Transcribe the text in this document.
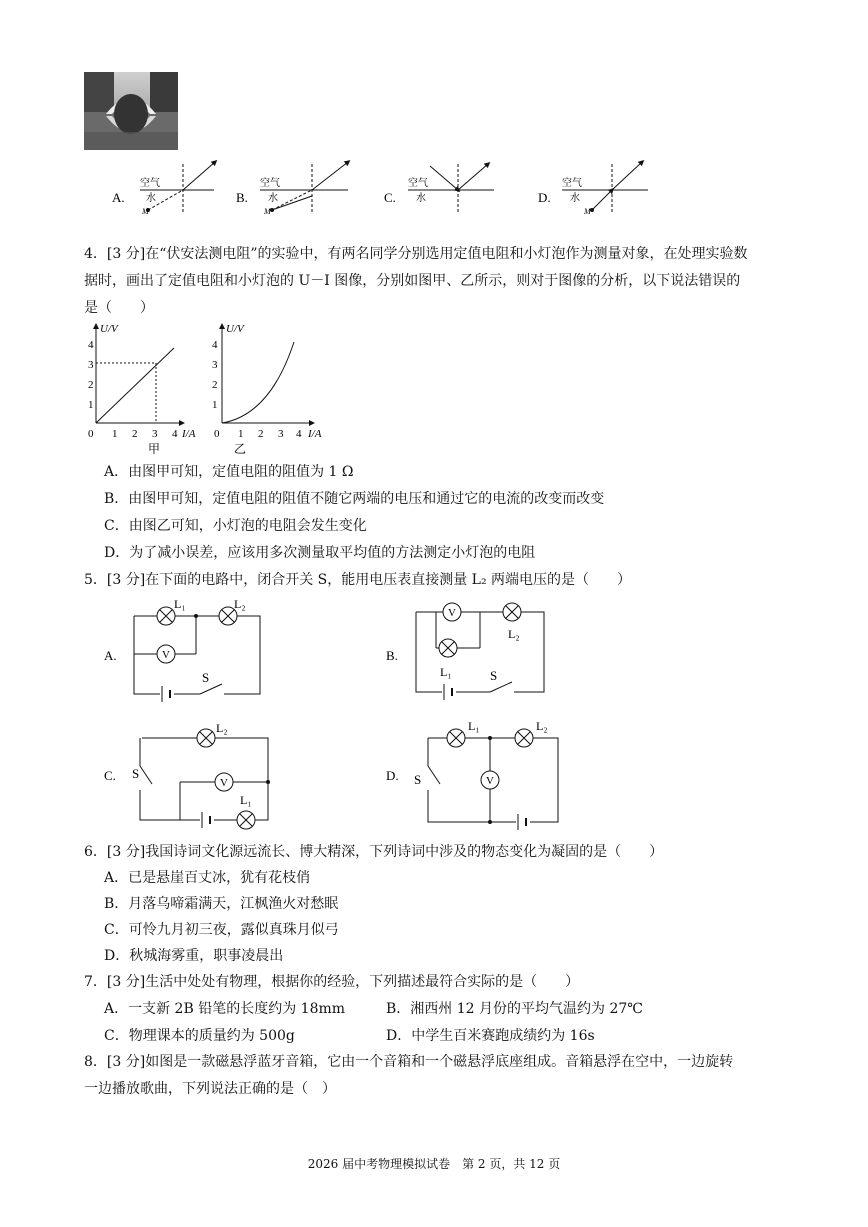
A.
空气
水
M
B.
空气
水
M
C.
空气
水	D.
空气
水
M
4．[3 分]在“伏安法测电阻”的实验中，有两名同学分别选用定值电阻和小灯泡作为测量对象，在处理实验数
据时，画出了定值电阻和小灯泡的 U－I 图像，分别如图甲、乙所示，则对于图像的分析，以下说法错误的
是（　　）
U/V
1
2
3
4
0 1 2 3 4 I/A
甲
U/V
1
2
3
4
0 1 2 3 4 I/A
乙
A．由图甲可知，定值电阻的阻值为 1 Ω
B．由图甲可知，定值电阻的阻值不随它两端的电压和通过它的电流的改变而改变
C．由图乙可知，小灯泡的电阻会发生变化
D．为了减小误差，应该用多次测量取平均值的方法测定小灯泡的电阻
5．[3 分]在下面的电路中，闭合开关 S，能用电压表直接测量 L₂ 两端电压的是（　　）
A.	V
L₁	L₂
S
B.
V
L₂
L₁	S
C.
L₂
V
L₁
S	D.
L₁	L₂
V
S
6．[3 分]我国诗词文化源远流长、博大精深，下列诗词中涉及的物态变化为凝固的是（　　）
A．已是悬崖百丈冰，犹有花枝俏
B．月落乌啼霜满天，江枫渔火对愁眠
C．可怜九月初三夜，露似真珠月似弓
D．秋城海雾重，职事凌晨出
7．[3 分]生活中处处有物理，根据你的经验，下列描述最符合实际的是（　　）
A．一支新 2B 铅笔的长度约为 18mm	B．湘西州 12 月份的平均气温约为 27℃
C．物理课本的质量约为 500g	D．中学生百米赛跑成绩约为 16s
8．[3 分]如图是一款磁悬浮蓝牙音箱，它由一个音箱和一个磁悬浮底座组成。音箱悬浮在空中，一边旋转
一边播放歌曲，下列说法正确的是（　）
2026 届中考物理模拟试卷　第 2 页，共 12 页
